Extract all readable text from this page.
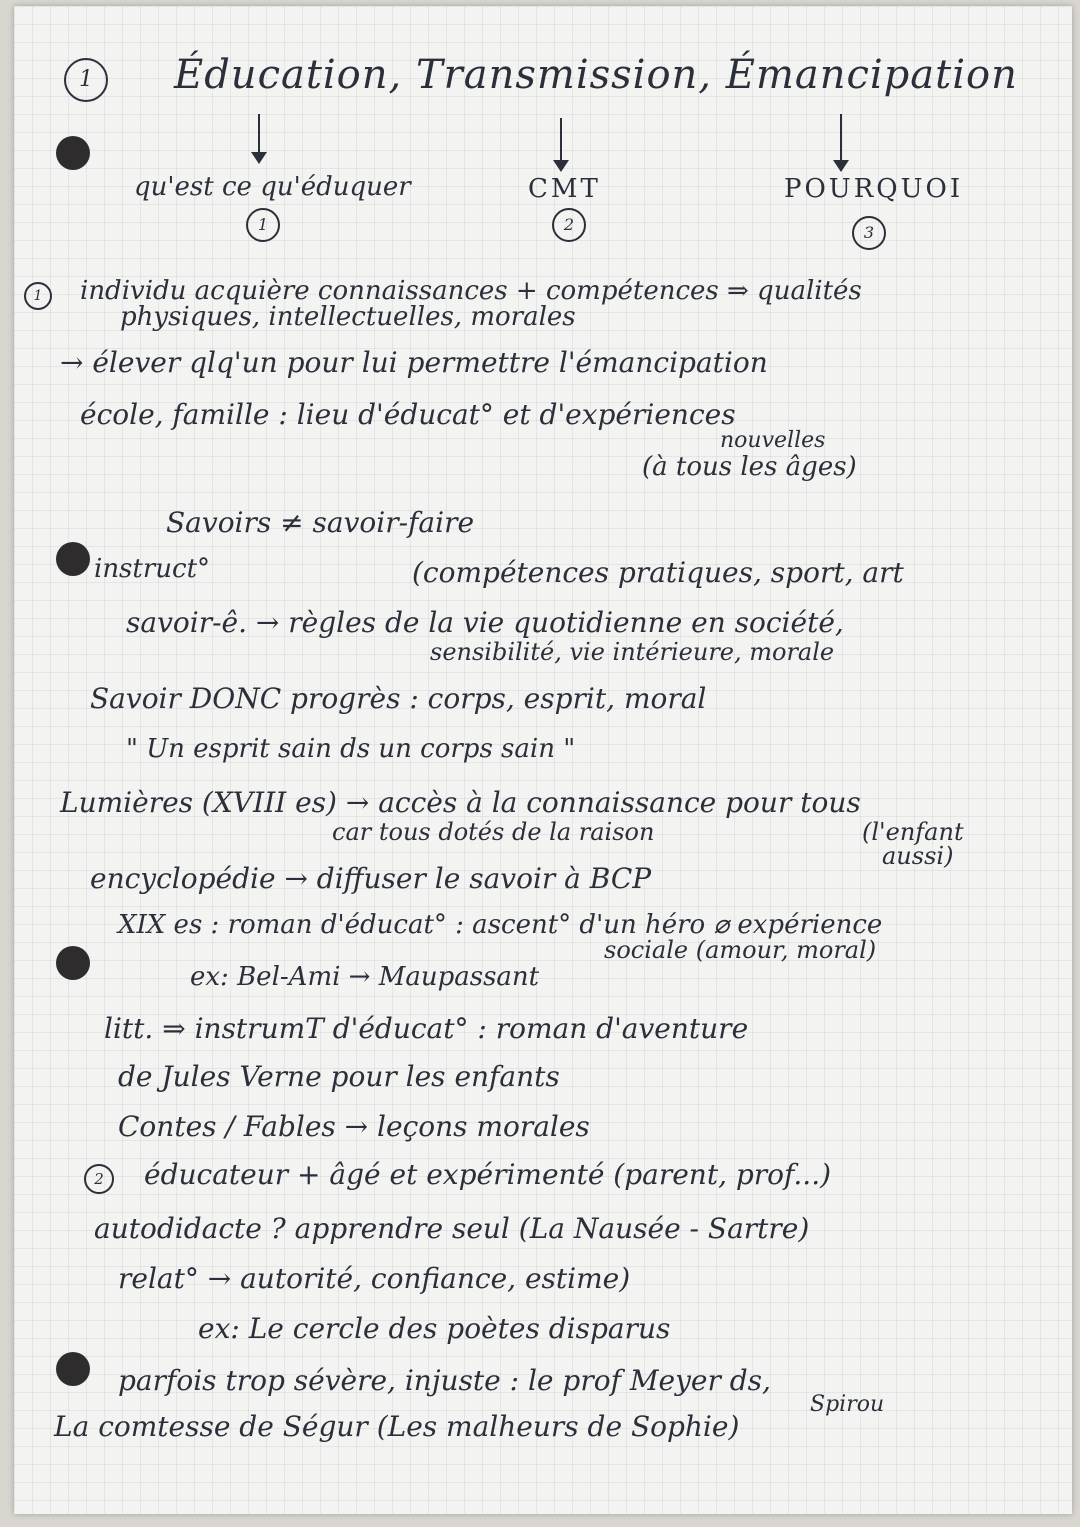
1	Éducation, Transmission, Émancipation
qu'est ce qu'éduquer
1
CMT
2
POURQUOI
3
1	individu acquière connaissances + compétences ⇒ qualités
physiques, intellectuelles, morales
→ élever qlq'un pour lui permettre l'émancipation
école, famille : lieu d'éducat° et d'expériences
nouvelles
(à tous les âges)
Savoirs ≠ savoir-faire
instruct°	(compétences pratiques, sport, art
savoir-ê. → règles de la vie quotidienne en société,
sensibilité, vie intérieure, morale
Savoir DONC progrès : corps, esprit, moral
" Un esprit sain ds un corps sain "
Lumières (XVIII es) → accès à la connaissance pour tous
car tous dotés de la raison	(l'enfant
aussi)
encyclopédie → diffuser le savoir à BCP
XIX es : roman d'éducat° : ascent° d'un héro ⌀ expérience
sociale (amour, moral)
ex: Bel-Ami → Maupassant
litt. ⇒ instrumT d'éducat° : roman d'aventure
de Jules Verne pour les enfants
Contes / Fables → leçons morales
2	éducateur + âgé et expérimenté (parent, prof...)
autodidacte ? apprendre seul (La Nausée - Sartre)
relat° → autorité, confiance, estime)
ex: Le cercle des poètes disparus
parfois trop sévère, injuste : le prof Meyer ds,
Spirou
La comtesse de Ségur (Les malheurs de Sophie)
